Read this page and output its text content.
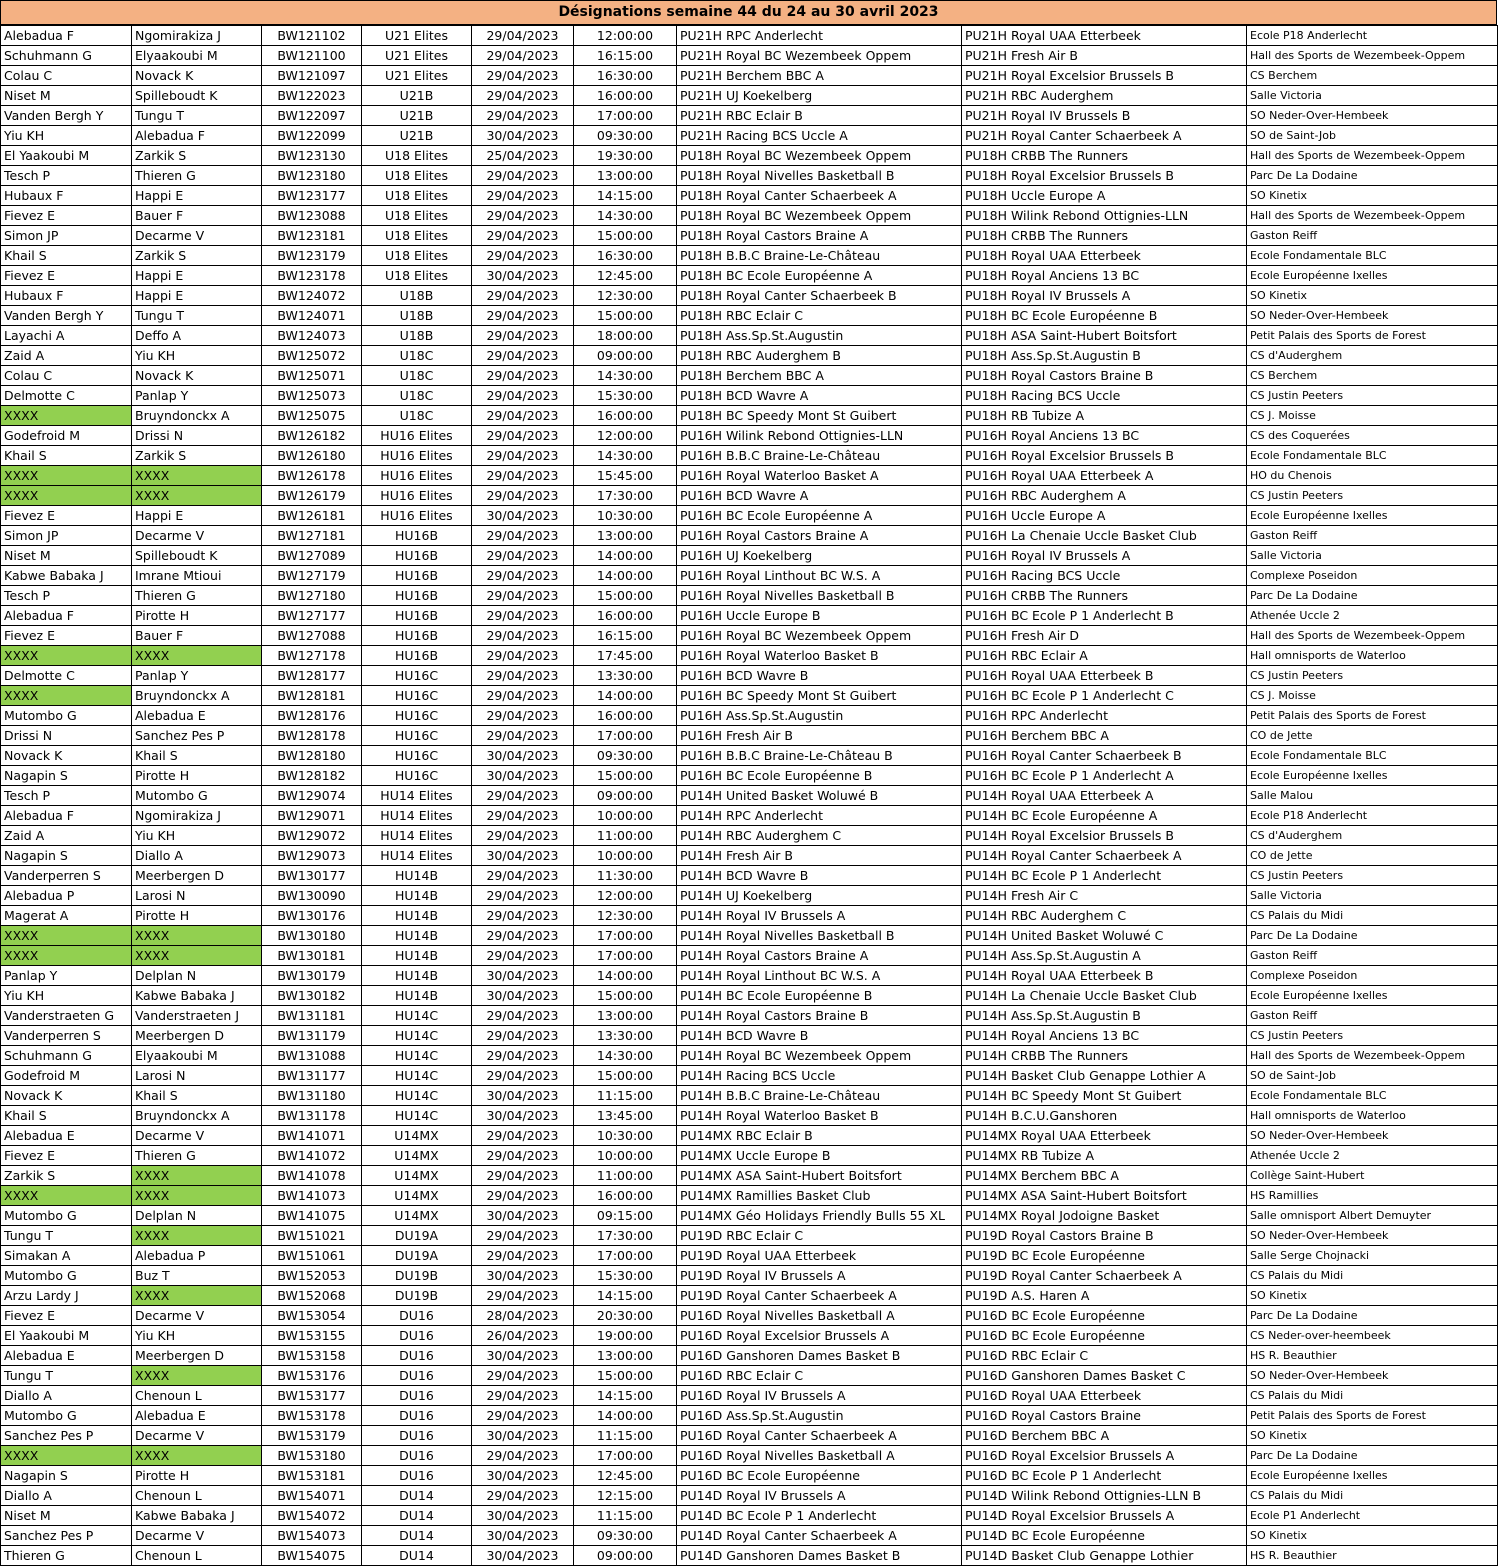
Désignations semaine 44 du 24 au 30 avril 2023
Alebadua F	Ngomirakiza J	BW121102	U21 Elites	29/04/2023	12:00:00	PU21H RPC Anderlecht	PU21H Royal UAA Etterbeek	Ecole P18 Anderlecht
Schuhmann G	Elyaakoubi M	BW121100	U21 Elites	29/04/2023	16:15:00	PU21H Royal BC Wezembeek Oppem	PU21H Fresh Air B	Hall des Sports de Wezembeek-Oppem
Colau C	Novack K	BW121097	U21 Elites	29/04/2023	16:30:00	PU21H Berchem BBC A	PU21H Royal Excelsior Brussels B	CS Berchem
Niset M	Spilleboudt K	BW122023	U21B	29/04/2023	16:00:00	PU21H UJ Koekelberg	PU21H RBC Auderghem	Salle Victoria
Vanden Bergh Y	Tungu T	BW122097	U21B	29/04/2023	17:00:00	PU21H RBC Eclair B	PU21H Royal IV Brussels B	SO Neder-Over-Hembeek
Yiu KH	Alebadua F	BW122099	U21B	30/04/2023	09:30:00	PU21H Racing BCS Uccle A	PU21H Royal Canter Schaerbeek A	SO de Saint-Job
El Yaakoubi M	Zarkik S	BW123130	U18 Elites	25/04/2023	19:30:00	PU18H Royal BC Wezembeek Oppem	PU18H CRBB The Runners	Hall des Sports de Wezembeek-Oppem
Tesch P	Thieren G	BW123180	U18 Elites	29/04/2023	13:00:00	PU18H Royal Nivelles Basketball B	PU18H Royal Excelsior Brussels B	Parc De La Dodaine
Hubaux F	Happi E	BW123177	U18 Elites	29/04/2023	14:15:00	PU18H Royal Canter Schaerbeek A	PU18H Uccle Europe A	SO Kinetix
Fievez E	Bauer F	BW123088	U18 Elites	29/04/2023	14:30:00	PU18H Royal BC Wezembeek Oppem	PU18H Wilink Rebond Ottignies-LLN	Hall des Sports de Wezembeek-Oppem
Simon JP	Decarme V	BW123181	U18 Elites	29/04/2023	15:00:00	PU18H Royal Castors Braine A	PU18H CRBB The Runners	Gaston Reiff
Khail S	Zarkik S	BW123179	U18 Elites	29/04/2023	16:30:00	PU18H B.B.C Braine-Le-Château	PU18H Royal UAA Etterbeek	Ecole Fondamentale BLC
Fievez E	Happi E	BW123178	U18 Elites	30/04/2023	12:45:00	PU18H BC Ecole Européenne A	PU18H Royal Anciens 13 BC	Ecole Européenne Ixelles
Hubaux F	Happi E	BW124072	U18B	29/04/2023	12:30:00	PU18H Royal Canter Schaerbeek B	PU18H Royal IV Brussels A	SO Kinetix
Vanden Bergh Y	Tungu T	BW124071	U18B	29/04/2023	15:00:00	PU18H RBC Eclair C	PU18H BC Ecole Européenne B	SO Neder-Over-Hembeek
Layachi A	Deffo A	BW124073	U18B	29/04/2023	18:00:00	PU18H Ass.Sp.St.Augustin	PU18H ASA Saint-Hubert Boitsfort	Petit Palais des Sports de Forest
Zaid A	Yiu KH	BW125072	U18C	29/04/2023	09:00:00	PU18H RBC Auderghem B	PU18H Ass.Sp.St.Augustin B	CS d'Auderghem
Colau C	Novack K	BW125071	U18C	29/04/2023	14:30:00	PU18H Berchem BBC A	PU18H Royal Castors Braine B	CS Berchem
Delmotte C	Panlap Y	BW125073	U18C	29/04/2023	15:30:00	PU18H BCD Wavre A	PU18H Racing BCS Uccle	CS Justin Peeters
XXXX	Bruyndonckx A	BW125075	U18C	29/04/2023	16:00:00	PU18H BC Speedy Mont St Guibert	PU18H RB Tubize A	CS J. Moisse
Godefroid M	Drissi N	BW126182	HU16 Elites	29/04/2023	12:00:00	PU16H Wilink Rebond Ottignies-LLN	PU16H Royal Anciens 13 BC	CS des Coquerées
Khail S	Zarkik S	BW126180	HU16 Elites	29/04/2023	14:30:00	PU16H B.B.C Braine-Le-Château	PU16H Royal Excelsior Brussels B	Ecole Fondamentale BLC
XXXX	XXXX	BW126178	HU16 Elites	29/04/2023	15:45:00	PU16H Royal Waterloo Basket A	PU16H Royal UAA Etterbeek A	HO du Chenois
XXXX	XXXX	BW126179	HU16 Elites	29/04/2023	17:30:00	PU16H BCD Wavre A	PU16H RBC Auderghem A	CS Justin Peeters
Fievez E	Happi E	BW126181	HU16 Elites	30/04/2023	10:30:00	PU16H BC Ecole Européenne A	PU16H Uccle Europe A	Ecole Européenne Ixelles
Simon JP	Decarme V	BW127181	HU16B	29/04/2023	13:00:00	PU16H Royal Castors Braine A	PU16H La Chenaie Uccle Basket Club	Gaston Reiff
Niset M	Spilleboudt K	BW127089	HU16B	29/04/2023	14:00:00	PU16H UJ Koekelberg	PU16H Royal IV Brussels A	Salle Victoria
Kabwe Babaka J	Imrane Mtioui	BW127179	HU16B	29/04/2023	14:00:00	PU16H Royal Linthout BC W.S. A	PU16H Racing BCS Uccle	Complexe Poseidon
Tesch P	Thieren G	BW127180	HU16B	29/04/2023	15:00:00	PU16H Royal Nivelles Basketball B	PU16H CRBB The Runners	Parc De La Dodaine
Alebadua F	Pirotte H	BW127177	HU16B	29/04/2023	16:00:00	PU16H Uccle Europe B	PU16H BC Ecole P 1 Anderlecht B	Athenée Uccle 2
Fievez E	Bauer F	BW127088	HU16B	29/04/2023	16:15:00	PU16H Royal BC Wezembeek Oppem	PU16H Fresh Air D	Hall des Sports de Wezembeek-Oppem
XXXX	XXXX	BW127178	HU16B	29/04/2023	17:45:00	PU16H Royal Waterloo Basket B	PU16H RBC Eclair A	Hall omnisports de Waterloo
Delmotte C	Panlap Y	BW128177	HU16C	29/04/2023	13:30:00	PU16H BCD Wavre B	PU16H Royal UAA Etterbeek B	CS Justin Peeters
XXXX	Bruyndonckx A	BW128181	HU16C	29/04/2023	14:00:00	PU16H BC Speedy Mont St Guibert	PU16H BC Ecole P 1 Anderlecht C	CS J. Moisse
Mutombo G	Alebadua E	BW128176	HU16C	29/04/2023	16:00:00	PU16H Ass.Sp.St.Augustin	PU16H RPC Anderlecht	Petit Palais des Sports de Forest
Drissi N	Sanchez Pes P	BW128178	HU16C	29/04/2023	17:00:00	PU16H Fresh Air B	PU16H Berchem BBC A	CO de Jette
Novack K	Khail S	BW128180	HU16C	30/04/2023	09:30:00	PU16H B.B.C Braine-Le-Château B	PU16H Royal Canter Schaerbeek B	Ecole Fondamentale BLC
Nagapin S	Pirotte H	BW128182	HU16C	30/04/2023	15:00:00	PU16H BC Ecole Européenne B	PU16H BC Ecole P 1 Anderlecht A	Ecole Européenne Ixelles
Tesch P	Mutombo G	BW129074	HU14 Elites	29/04/2023	09:00:00	PU14H United Basket Woluwé B	PU14H Royal UAA Etterbeek A	Salle Malou
Alebadua F	Ngomirakiza J	BW129071	HU14 Elites	29/04/2023	10:00:00	PU14H RPC Anderlecht	PU14H BC Ecole Européenne A	Ecole P18 Anderlecht
Zaid A	Yiu KH	BW129072	HU14 Elites	29/04/2023	11:00:00	PU14H RBC Auderghem C	PU14H Royal Excelsior Brussels B	CS d'Auderghem
Nagapin S	Diallo A	BW129073	HU14 Elites	30/04/2023	10:00:00	PU14H Fresh Air B	PU14H Royal Canter Schaerbeek A	CO de Jette
Vanderperren S	Meerbergen D	BW130177	HU14B	29/04/2023	11:30:00	PU14H BCD Wavre B	PU14H BC Ecole P 1 Anderlecht	CS Justin Peeters
Alebadua P	Larosi N	BW130090	HU14B	29/04/2023	12:00:00	PU14H UJ Koekelberg	PU14H Fresh Air C	Salle Victoria
Magerat A	Pirotte H	BW130176	HU14B	29/04/2023	12:30:00	PU14H Royal IV Brussels A	PU14H RBC Auderghem C	CS Palais du Midi
XXXX	XXXX	BW130180	HU14B	29/04/2023	17:00:00	PU14H Royal Nivelles Basketball B	PU14H United Basket Woluwé C	Parc De La Dodaine
XXXX	XXXX	BW130181	HU14B	29/04/2023	17:00:00	PU14H Royal Castors Braine A	PU14H Ass.Sp.St.Augustin A	Gaston Reiff
Panlap Y	Delplan N	BW130179	HU14B	30/04/2023	14:00:00	PU14H Royal Linthout BC W.S. A	PU14H Royal UAA Etterbeek B	Complexe Poseidon
Yiu KH	Kabwe Babaka J	BW130182	HU14B	30/04/2023	15:00:00	PU14H BC Ecole Européenne B	PU14H La Chenaie Uccle Basket Club	Ecole Européenne Ixelles
Vanderstraeten G	Vanderstraeten J	BW131181	HU14C	29/04/2023	13:00:00	PU14H Royal Castors Braine B	PU14H Ass.Sp.St.Augustin B	Gaston Reiff
Vanderperren S	Meerbergen D	BW131179	HU14C	29/04/2023	13:30:00	PU14H BCD Wavre B	PU14H Royal Anciens 13 BC	CS Justin Peeters
Schuhmann G	Elyaakoubi M	BW131088	HU14C	29/04/2023	14:30:00	PU14H Royal BC Wezembeek Oppem	PU14H CRBB The Runners	Hall des Sports de Wezembeek-Oppem
Godefroid M	Larosi N	BW131177	HU14C	29/04/2023	15:00:00	PU14H Racing BCS Uccle	PU14H Basket Club Genappe Lothier A	SO de Saint-Job
Novack K	Khail S	BW131180	HU14C	30/04/2023	11:15:00	PU14H B.B.C Braine-Le-Château	PU14H BC Speedy Mont St Guibert	Ecole Fondamentale BLC
Khail S	Bruyndonckx A	BW131178	HU14C	30/04/2023	13:45:00	PU14H Royal Waterloo Basket B	PU14H B.C.U.Ganshoren	Hall omnisports de Waterloo
Alebadua E	Decarme V	BW141071	U14MX	29/04/2023	10:30:00	PU14MX RBC Eclair B	PU14MX Royal UAA Etterbeek	SO Neder-Over-Hembeek
Fievez E	Thieren G	BW141072	U14MX	29/04/2023	10:00:00	PU14MX Uccle Europe B	PU14MX RB Tubize A	Athenée Uccle 2
Zarkik S	XXXX	BW141078	U14MX	29/04/2023	11:00:00	PU14MX ASA Saint-Hubert Boitsfort	PU14MX Berchem BBC A	Collège Saint-Hubert
XXXX	XXXX	BW141073	U14MX	29/04/2023	16:00:00	PU14MX Ramillies Basket Club	PU14MX ASA Saint-Hubert Boitsfort	HS Ramillies
Mutombo G	Delplan N	BW141075	U14MX	30/04/2023	09:15:00	PU14MX Géo Holidays Friendly Bulls 55 XL	PU14MX Royal Jodoigne Basket	Salle omnisport Albert Demuyter
Tungu T	XXXX	BW151021	DU19A	29/04/2023	17:30:00	PU19D RBC Eclair C	PU19D Royal Castors Braine B	SO Neder-Over-Hembeek
Simakan A	Alebadua P	BW151061	DU19A	29/04/2023	17:00:00	PU19D Royal UAA Etterbeek	PU19D BC Ecole Européenne	Salle Serge Chojnacki
Mutombo G	Buz T	BW152053	DU19B	30/04/2023	15:30:00	PU19D Royal IV Brussels A	PU19D Royal Canter Schaerbeek A	CS Palais du Midi
Arzu Lardy J	XXXX	BW152068	DU19B	29/04/2023	14:15:00	PU19D Royal Canter Schaerbeek A	PU19D A.S. Haren A	SO Kinetix
Fievez E	Decarme V	BW153054	DU16	28/04/2023	20:30:00	PU16D Royal Nivelles Basketball A	PU16D BC Ecole Européenne	Parc De La Dodaine
El Yaakoubi M	Yiu KH	BW153155	DU16	26/04/2023	19:00:00	PU16D Royal Excelsior Brussels A	PU16D BC Ecole Européenne	CS Neder-over-heembeek
Alebadua E	Meerbergen D	BW153158	DU16	30/04/2023	13:00:00	PU16D Ganshoren Dames Basket B	PU16D RBC Eclair C	HS R. Beauthier
Tungu T	XXXX	BW153176	DU16	29/04/2023	15:00:00	PU16D RBC Eclair C	PU16D Ganshoren Dames Basket C	SO Neder-Over-Hembeek
Diallo A	Chenoun L	BW153177	DU16	29/04/2023	14:15:00	PU16D Royal IV Brussels A	PU16D Royal UAA Etterbeek	CS Palais du Midi
Mutombo G	Alebadua E	BW153178	DU16	29/04/2023	14:00:00	PU16D Ass.Sp.St.Augustin	PU16D Royal Castors Braine	Petit Palais des Sports de Forest
Sanchez Pes P	Decarme V	BW153179	DU16	30/04/2023	11:15:00	PU16D Royal Canter Schaerbeek A	PU16D Berchem BBC A	SO Kinetix
XXXX	XXXX	BW153180	DU16	29/04/2023	17:00:00	PU16D Royal Nivelles Basketball A	PU16D Royal Excelsior Brussels A	Parc De La Dodaine
Nagapin S	Pirotte H	BW153181	DU16	30/04/2023	12:45:00	PU16D BC Ecole Européenne	PU16D BC Ecole P 1 Anderlecht	Ecole Européenne Ixelles
Diallo A	Chenoun L	BW154071	DU14	29/04/2023	12:15:00	PU14D Royal IV Brussels A	PU14D Wilink Rebond Ottignies-LLN B	CS Palais du Midi
Niset M	Kabwe Babaka J	BW154072	DU14	30/04/2023	11:15:00	PU14D BC Ecole P 1 Anderlecht	PU14D Royal Excelsior Brussels A	Ecole P1 Anderlecht
Sanchez Pes P	Decarme V	BW154073	DU14	30/04/2023	09:30:00	PU14D Royal Canter Schaerbeek A	PU14D BC Ecole Européenne	SO Kinetix
Thieren G	Chenoun L	BW154075	DU14	30/04/2023	09:00:00	PU14D Ganshoren Dames Basket B	PU14D Basket Club Genappe Lothier	HS R. Beauthier
